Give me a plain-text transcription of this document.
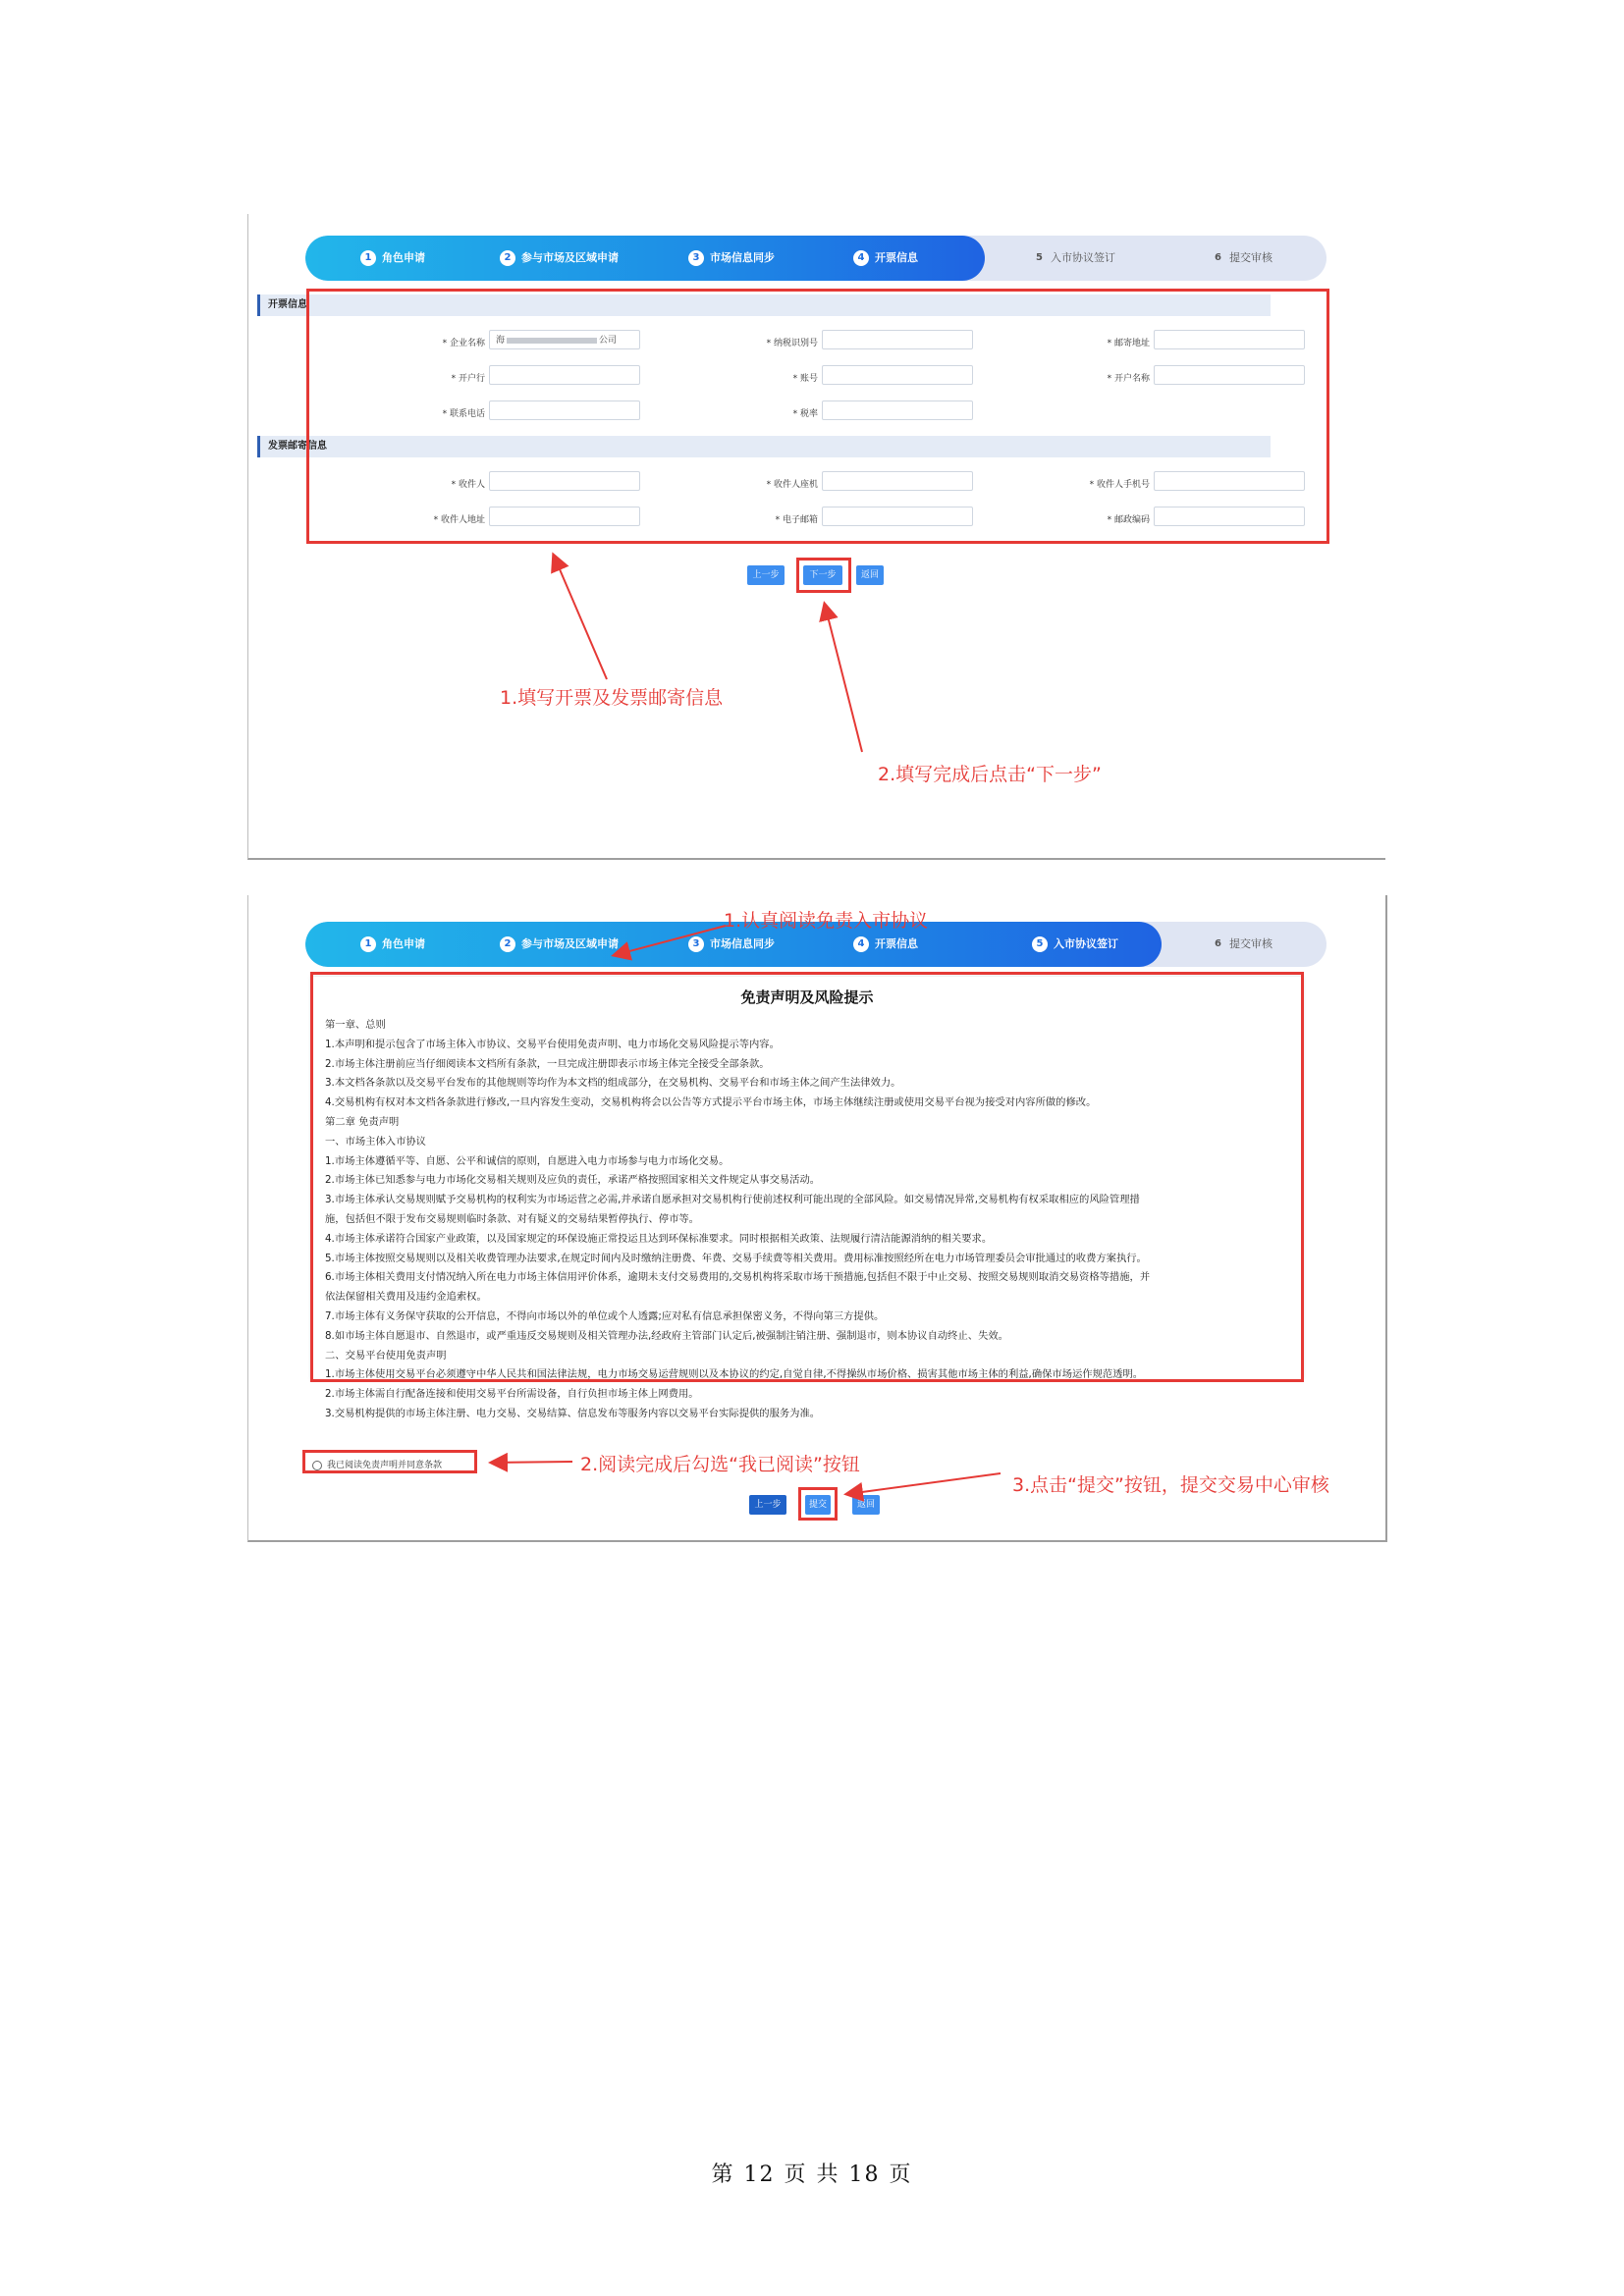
1 角色申请	2 参与市场及区域申请	3 市场信息同步	4 开票信息	5 入市协议签订	6 提交审核
开票信息
* 企业名称	海	公司	* 纳税识别号	* 邮寄地址
* 开户行	* 账号	* 开户名称
* 联系电话	* 税率
发票邮寄信息
* 收件人	* 收件人座机	* 收件人手机号
* 收件人地址	* 电子邮箱	* 邮政编码
上一步	下一步	返回
1.填写开票及发票邮寄信息
2.填写完成后点击“下一步”
1 角色申请	2 参与市场及区域申请	3 市场信息同步	4 开票信息	5 入市协议签订	6 提交审核
免责声明及风险提示
第一章、总则
1.本声明和提示包含了市场主体入市协议、交易平台使用免责声明、电力市场化交易风险提示等内容。
2.市场主体注册前应当仔细阅读本文档所有条款，一旦完成注册即表示市场主体完全接受全部条款。
3.本文档各条款以及交易平台发布的其他规则等均作为本文档的组成部分，在交易机构、交易平台和市场主体之间产生法律效力。
4.交易机构有权对本文档各条款进行修改,一旦内容发生变动，交易机构将会以公告等方式提示平台市场主体，市场主体继续注册或使用交易平台视为接受对内容所做的修改。
第二章 免责声明
一、市场主体入市协议
1.市场主体遵循平等、自愿、公平和诚信的原则，自愿进入电力市场参与电力市场化交易。
2.市场主体已知悉参与电力市场化交易相关规则及应负的责任，承诺严格按照国家相关文件规定从事交易活动。
3.市场主体承认交易规则赋予交易机构的权利实为市场运营之必需,并承诺自愿承担对交易机构行使前述权利可能出现的全部风险。如交易情况异常,交易机构有权采取相应的风险管理措
施，包括但不限于发布交易规则临时条款、对有疑义的交易结果暂停执行、停市等。
4.市场主体承诺符合国家产业政策，以及国家规定的环保设施正常投运且达到环保标准要求。同时根据相关政策、法规履行清洁能源消纳的相关要求。
5.市场主体按照交易规则以及相关收费管理办法要求,在规定时间内及时缴纳注册费、年费、交易手续费等相关费用。费用标准按照经所在电力市场管理委员会审批通过的收费方案执行。
6.市场主体相关费用支付情况纳入所在电力市场主体信用评价体系，逾期未支付交易费用的,交易机构将采取市场干预措施,包括但不限于中止交易、按照交易规则取消交易资格等措施，并
依法保留相关费用及违约金追索权。
7.市场主体有义务保守获取的公开信息，不得向市场以外的单位或个人透露;应对私有信息承担保密义务，不得向第三方提供。
8.如市场主体自愿退市、自然退市，或严重违反交易规则及相关管理办法,经政府主管部门认定后,被强制注销注册、强制退市，则本协议自动终止、失效。
二、交易平台使用免责声明
1.市场主体使用交易平台必须遵守中华人民共和国法律法规，电力市场交易运营规则以及本协议的约定,自觉自律,不得操纵市场价格、损害其他市场主体的利益,确保市场运作规范透明。
2.市场主体需自行配备连接和使用交易平台所需设备，自行负担市场主体上网费用。
3.交易机构提供的市场主体注册、电力交易、交易结算、信息发布等服务内容以交易平台实际提供的服务为准。
我已阅读免责声明并同意条款
上一步	提交	返回
1.认真阅读免责入市协议
2.阅读完成后勾选“我已阅读”按钮
3.点击“提交”按钮，提交交易中心审核
第 12 页 共 18 页
